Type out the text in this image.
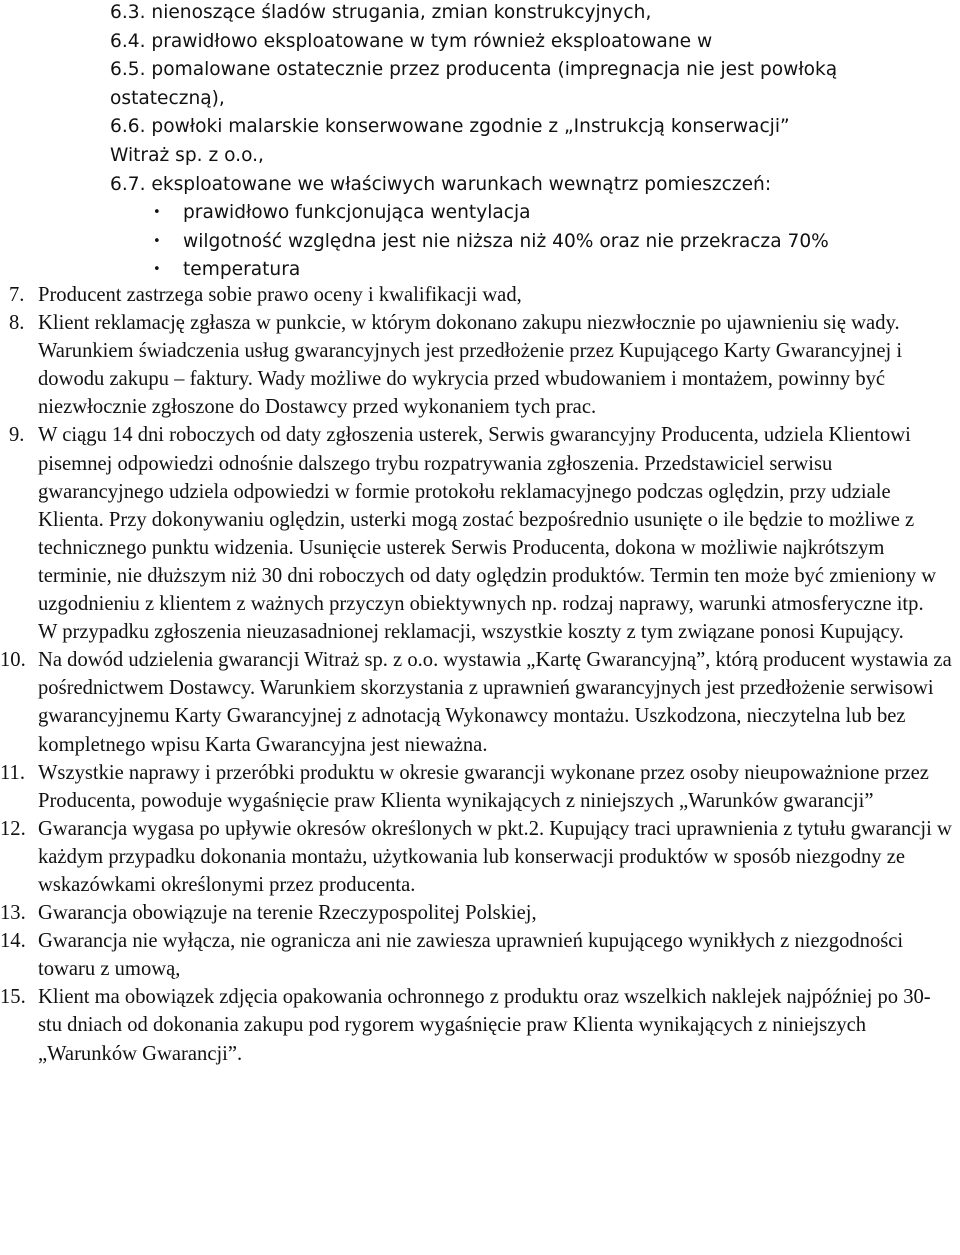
6.3. nienoszące śladów strugania, zmian konstrukcyjnych,
6.4. prawidłowo eksploatowane w tym również eksploatowane w
6.5. pomalowane ostatecznie przez producenta (impregnacja nie jest powłoką
ostateczną),
6.6. powłoki malarskie konserwowane zgodnie z „Instrukcją konserwacji”
Witraż sp. z o.o.,
6.7. eksploatowane we właściwych warunkach wewnątrz pomieszczeń:
• prawidłowo funkcjonująca wentylacja
• wilgotność względna jest nie niższa niż 40% oraz nie przekracza 70%
• temperatura
7. Producent zastrzega sobie prawo oceny i kwalifikacji wad,

8. Klient reklamację zgłasza w punkcie, w którym dokonano zakupu niezwłocznie po ujawnieniu się wady. Warunkiem świadczenia usług gwarancyjnych jest przedłożenie przez Kupującego Karty Gwarancyjnej i dowodu zakupu – faktury. Wady możliwe do wykrycia przed wbudowaniem i montażem, powinny być niezwłocznie zgłoszone do Dostawcy przed wykonaniem tych prac.

9. W ciągu 14 dni roboczych od daty zgłoszenia usterek, Serwis gwarancyjny Producenta, udziela Klientowi pisemnej odpowiedzi odnośnie dalszego trybu rozpatrywania zgłoszenia. Przedstawiciel serwisu gwarancyjnego udziela odpowiedzi w formie protokołu reklamacyjnego podczas oględzin, przy udziale Klienta. Przy dokonywaniu oględzin, usterki mogą zostać bezpośrednio usunięte o ile będzie to możliwe z technicznego punktu widzenia. Usunięcie usterek Serwis Producenta, dokona w możliwie najkrótszym terminie, nie dłuższym niż 30 dni roboczych od daty oględzin produktów. Termin ten może być zmieniony w uzgodnieniu z klientem z ważnych przyczyn obiektywnych np. rodzaj naprawy, warunki atmosferyczne itp.

W przypadku zgłoszenia nieuzasadnionej reklamacji, wszystkie koszty z tym związane ponosi Kupujący.

10. Na dowód udzielenia gwarancji Witraż sp. z o.o. wystawia „Kartę Gwarancyjną”, którą producent wystawia za pośrednictwem Dostawcy. Warunkiem skorzystania z uprawnień gwarancyjnych jest przedłożenie serwisowi gwarancyjnemu Karty Gwarancyjnej z adnotacją Wykonawcy montażu. Uszkodzona, nieczytelna lub bez kompletnego wpisu Karta Gwarancyjna jest nieważna.

11. Wszystkie naprawy i przeróbki produktu w okresie gwarancji wykonane przez osoby nieupoważnione przez Producenta, powoduje wygaśnięcie praw Klienta wynikających z niniejszych „Warunków gwarancji”

12. Gwarancja wygasa po upływie okresów określonych w pkt.2. Kupujący traci uprawnienia z tytułu gwarancji w każdym przypadku dokonania montażu, użytkowania lub konserwacji produktów w sposób niezgodny ze wskazówkami określonymi przez producenta.

13. Gwarancja obowiązuje na terenie Rzeczypospolitej Polskiej,

14. Gwarancja nie wyłącza, nie ogranicza ani nie zawiesza uprawnień kupującego wynikłych z niezgodności towaru z umową,

15. Klient ma obowiązek zdjęcia opakowania ochronnego z produktu oraz wszelkich naklejek najpóźniej po 30-stu dniach od dokonania zakupu pod rygorem wygaśnięcie praw Klienta wynikających z niniejszych „Warunków Gwarancji”.
